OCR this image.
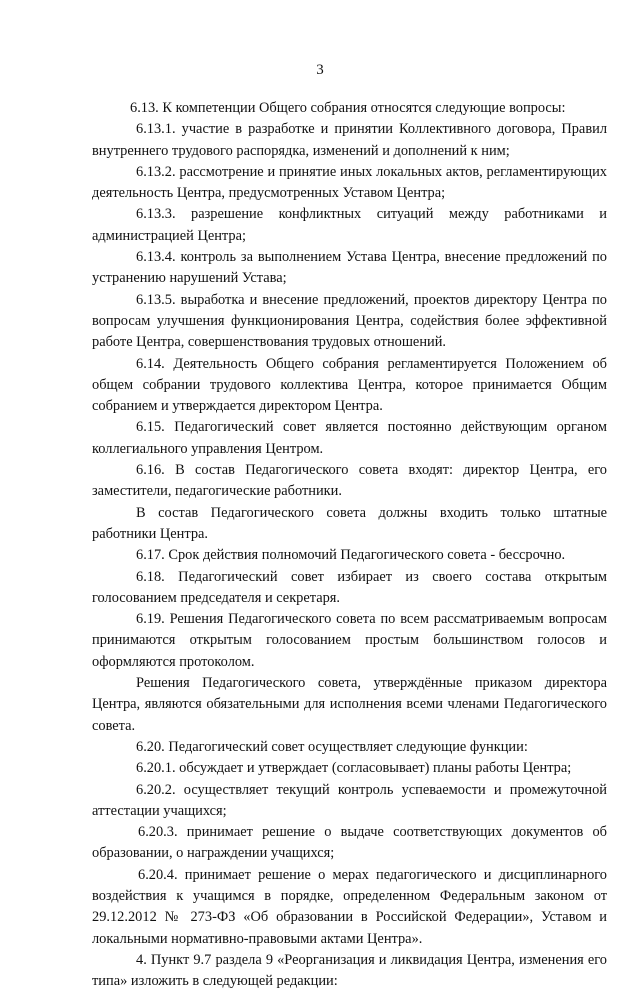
3

6.13. К компетенции Общего собрания относятся следующие вопросы:

6.13.1. участие в разработке и принятии Коллективного договора, Правил внутреннего трудового распорядка, изменений и дополнений к ним;

6.13.2. рассмотрение и принятие иных локальных актов, регламентирующих деятельность Центра, предусмотренных Уставом Центра;

6.13.3. разрешение конфликтных ситуаций между работниками и администрацией Центра;

6.13.4. контроль за выполнением Устава Центра, внесение предложений по устранению нарушений Устава;

6.13.5. выработка и внесение предложений, проектов директору Центра по вопросам улучшения функционирования Центра, содействия более эффективной работе Центра, совершенствования трудовых отношений.

6.14. Деятельность Общего собрания регламентируется Положением об общем собрании трудового коллектива Центра, которое принимается Общим собранием и утверждается директором Центра.

6.15. Педагогический совет является постоянно действующим органом коллегиального управления Центром.

6.16. В состав Педагогического совета входят: директор Центра, его заместители, педагогические работники.

В состав Педагогического совета должны входить только штатные работники Центра.

6.17. Срок действия полномочий Педагогического совета - бессрочно.

6.18. Педагогический совет избирает из своего состава открытым голосованием председателя и секретаря.

6.19. Решения Педагогического совета по всем рассматриваемым вопросам принимаются открытым голосованием простым большинством голосов и оформляются протоколом.

Решения Педагогического совета, утверждённые приказом директора Центра, являются обязательными для исполнения всеми членами Педагогического совета.

6.20. Педагогический совет осуществляет следующие функции:

6.20.1. обсуждает и утверждает (согласовывает) планы работы Центра;

6.20.2. осуществляет текущий контроль успеваемости и промежуточной аттестации учащихся;

6.20.3. принимает решение о выдаче соответствующих документов об образовании, о награждении учащихся;

6.20.4. принимает решение о мерах педагогического и дисциплинарного воздействия к учащимся в порядке, определенном Федеральным законом от 29.12.2012 № 273-ФЗ «Об образовании в Российской Федерации», Уставом и локальными нормативно-правовыми актами Центра».

4. Пункт 9.7 раздела 9 «Реорганизация и ликвидация Центра, изменения его типа» изложить в следующей редакции:
